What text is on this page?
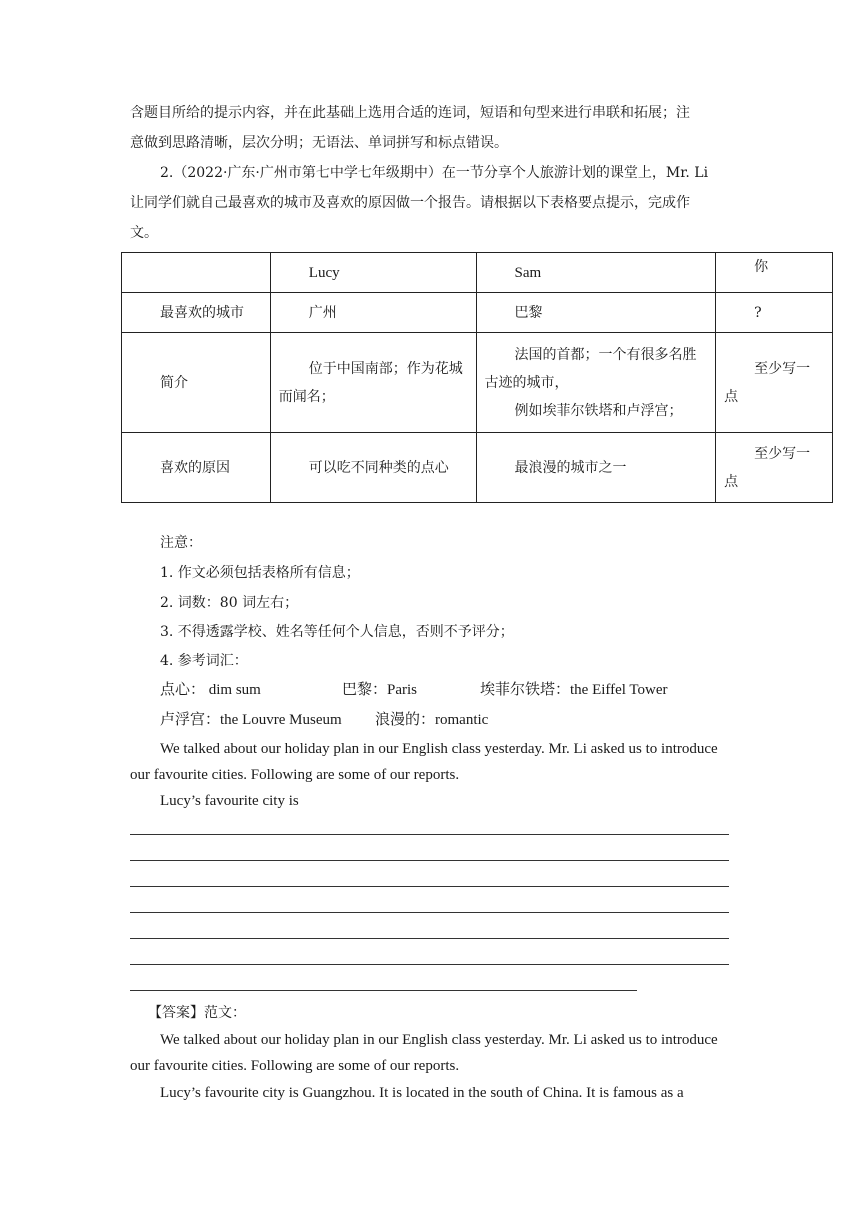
含题目所给的提示内容，并在此基础上选用合适的连词，短语和句型来进行串联和拓展；注
意做到思路清晰，层次分明；无语法、单词拼写和标点错误。
2.（2022·广东·广州市第七中学七年级期中）在一节分享个人旅游计划的课堂上，Mr. Li
让同学们就自己最喜欢的城市及喜欢的原因做一个报告。请根据以下表格要点提示，完成作
文。

	Lucy	Sam	你

最喜欢的城市	广州	巴黎	?

简介	位于中国南部；作为花城而闻名；	法国的首都；一个有很多名胜古迹的城市，
例如埃菲尔铁塔和卢浮宫；	至少写一点

喜欢的原因	可以吃不同种类的点心	最浪漫的城市之一	至少写一点
注意：
1. 作文必须包括表格所有信息；
2. 词数：80 词左右；
3. 不得透露学校、姓名等任何个人信息，否则不予评分；
4. 参考词汇：
点心： dim sum	巴黎：Paris	埃菲尔铁塔：the Eiffel Tower
卢浮宫：the Louvre Museum 浪漫的：romantic
We talked about our holiday plan in our English class yesterday. Mr. Li asked us to introduce
our favourite cities. Following are some of our reports.
Lucy’s favourite city is
【答案】范文：
We talked about our holiday plan in our English class yesterday. Mr. Li asked us to introduce
our favourite cities. Following are some of our reports.
Lucy’s favourite city is Guangzhou. It is located in the south of China. It is famous as a
